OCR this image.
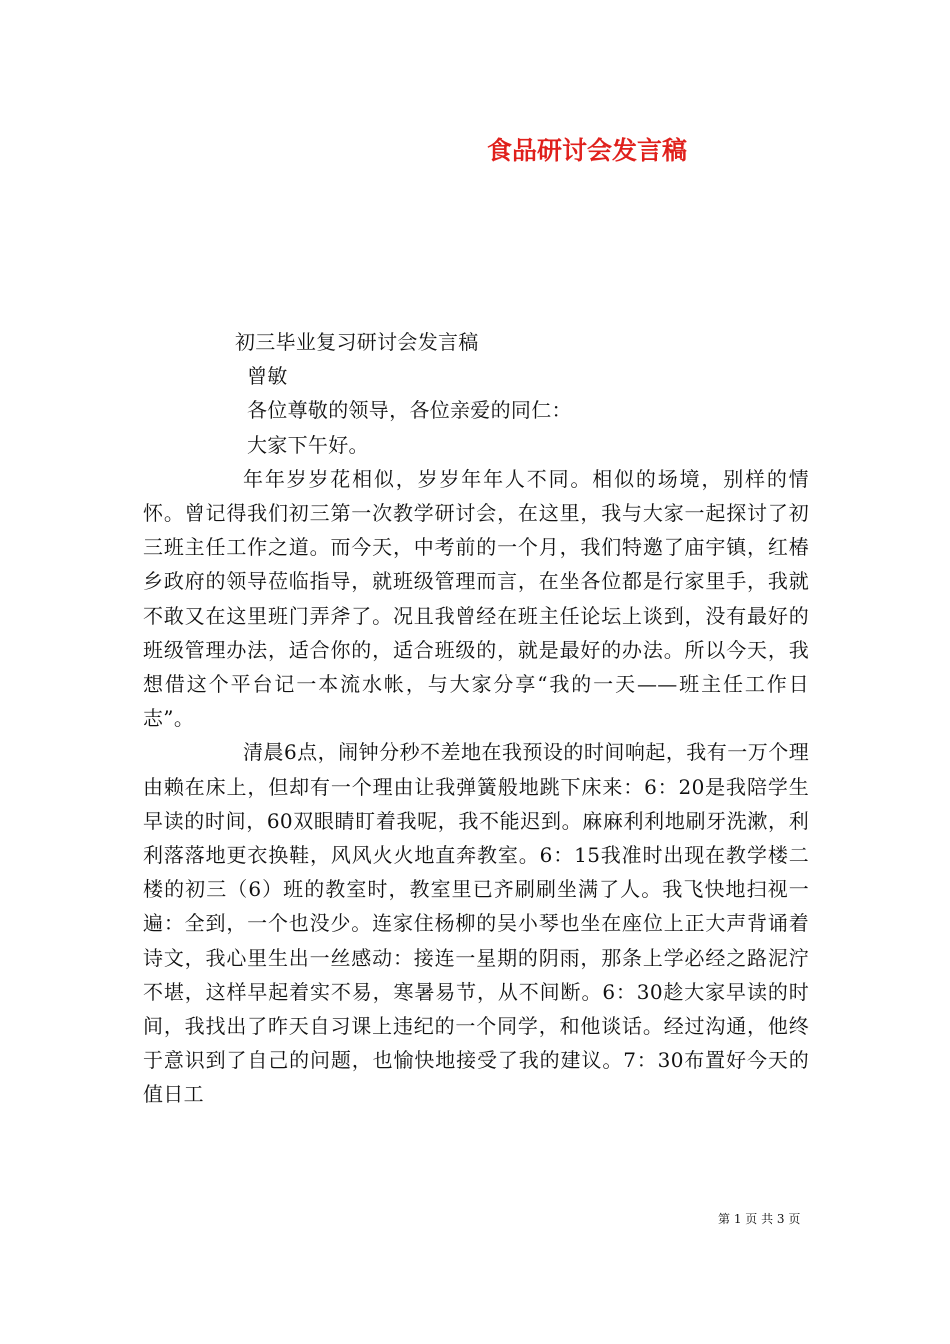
食品研讨会发言稿

初三毕业复习研讨会发言稿

曾敏

各位尊敬的领导，各位亲爱的同仁：

大家下午好。

年年岁岁花相似，岁岁年年人不同。相似的场境，别样的情怀。曾记得我们初三第一次教学研讨会，在这里，我与大家一起探讨了初三班主任工作之道。而今天，中考前的一个月，我们特邀了庙宇镇，红椿乡政府的领导莅临指导，就班级管理而言，在坐各位都是行家里手，我就不敢又在这里班门弄斧了。况且我曾经在班主任论坛上谈到，没有最好的班级管理办法，适合你的，适合班级的，就是最好的办法。所以今天，我想借这个平台记一本流水帐，与大家分享“我的一天——班主任工作日志”。

清晨6点，闹钟分秒不差地在我预设的时间响起，我有一万个理由赖在床上，但却有一个理由让我弹簧般地跳下床来：6：20是我陪学生早读的时间，60双眼睛盯着我呢，我不能迟到。麻麻利利地刷牙洗漱，利利落落地更衣换鞋，风风火火地直奔教室。6：15我准时出现在教学楼二楼的初三（6）班的教室时，教室里已齐刷刷坐满了人。我飞快地扫视一遍：全到，一个也没少。连家住杨柳的吴小琴也坐在座位上正大声背诵着诗文，我心里生出一丝感动：接连一星期的阴雨，那条上学必经之路泥泞不堪，这样早起着实不易，寒暑易节，从不间断。6：30趁大家早读的时间，我找出了昨天自习课上违纪的一个同学，和他谈话。经过沟通，他终于意识到了自己的问题，也愉快地接受了我的建议。7：30布置好今天的值日工

第 1 页 共 3 页
